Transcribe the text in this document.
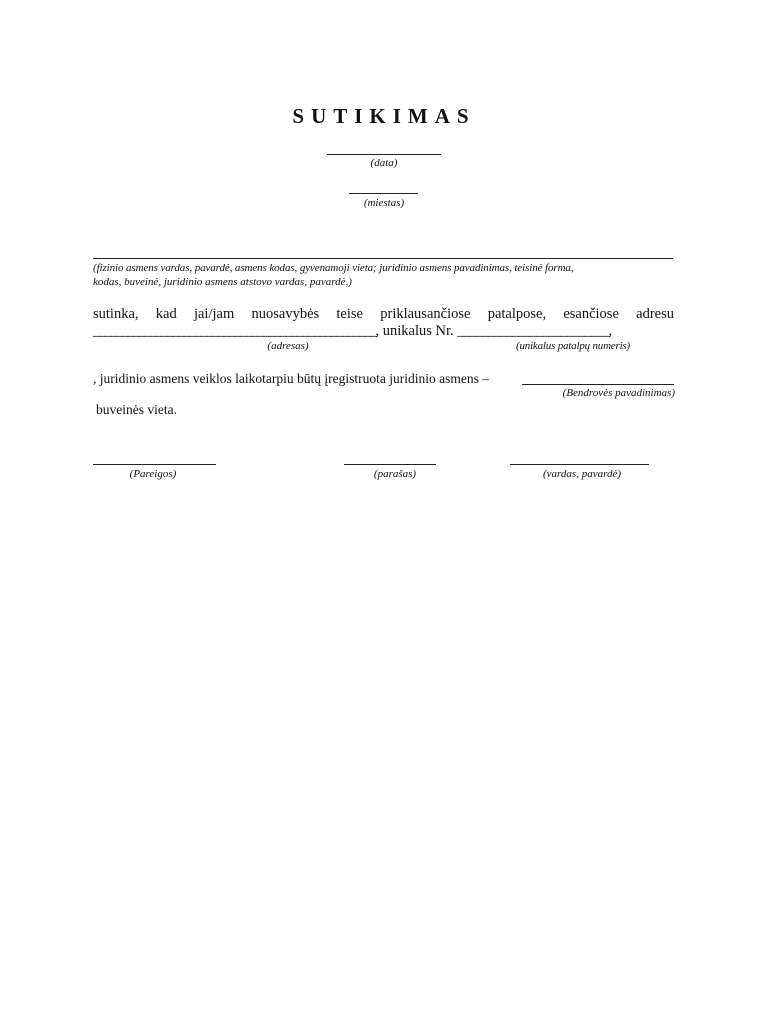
SUTIKIMAS
(data)
(miestas)
(fizinio asmens vardas, pavardė, asmens kodas, gyvenamoji vieta; juridinio asmens pavadinimas, teisinė forma,
kodas, buveinė, juridinio asmens atstovo vardas, pavardė,)
sutinka, kad jai/jam nuosavybės teise priklausančiose patalpose, esančiose adresu
__________________________________________________, unikalus Nr. _________________________,
(adresas)	(unikalus patalpų numeris)
, juridinio asmens veiklos laikotarpiu būtų įregistruota juridinio asmens –
(Bendrovės pavadinimas)
buveinės vieta.
(Pareigos)	(parašas)	(vardas, pavardė)
